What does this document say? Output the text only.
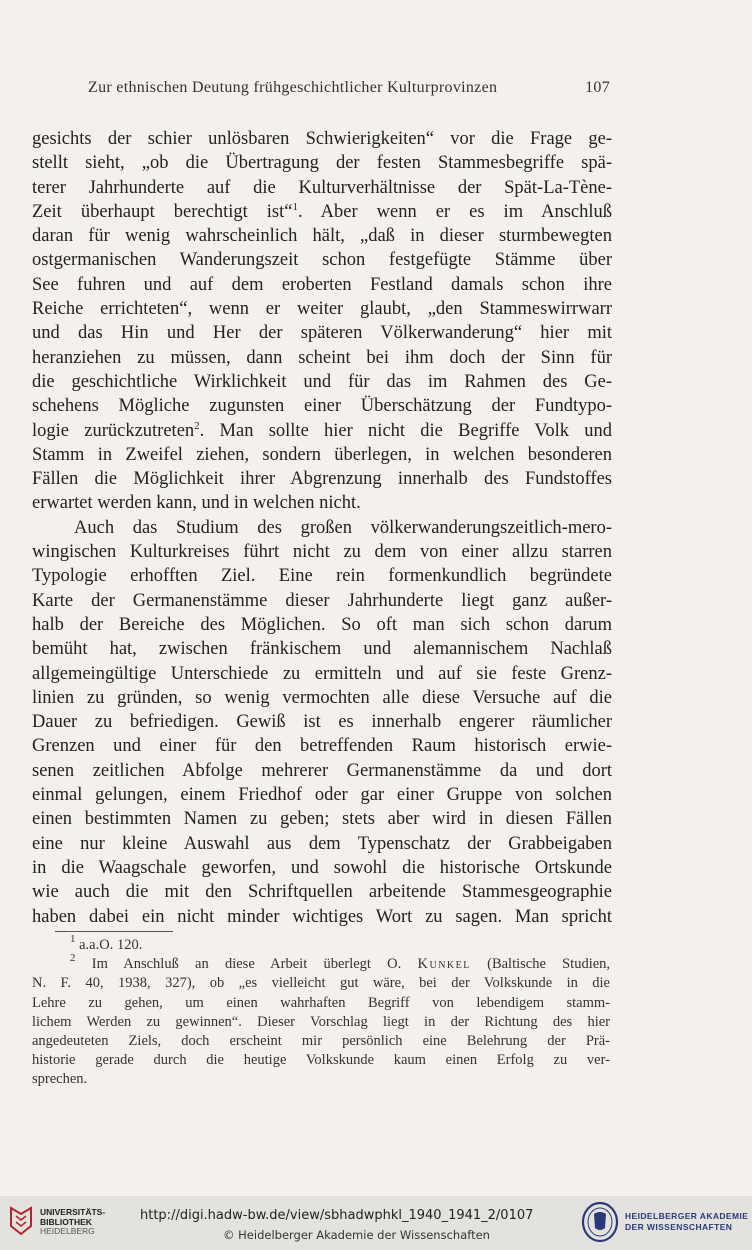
Zur ethnischen Deutung frühgeschichtlicher Kulturprovinzen	107
gesichts der schier unlösbaren Schwierigkeiten“ vor die Frage ge-
stellt sieht, „ob die Übertragung der festen Stammesbegriffe spä-
terer Jahrhunderte auf die Kulturverhältnisse der Spät-La-Tène-
Zeit überhaupt berechtigt ist“$^1$. Aber wenn er es im Anschluß
daran für wenig wahrscheinlich hält, „daß in dieser sturmbewegten
ostgermanischen Wanderungszeit schon festgefügte Stämme über
See fuhren und auf dem eroberten Festland damals schon ihre
Reiche errichteten“, wenn er weiter glaubt, „den Stammeswirrwarr
und das Hin und Her der späteren Völkerwanderung“ hier mit
heranziehen zu müssen, dann scheint bei ihm doch der Sinn für
die geschichtliche Wirklichkeit und für das im Rahmen des Ge-
schehens Mögliche zugunsten einer Überschätzung der Fundtypo-
logie zurückzutreten$^2$. Man sollte hier nicht die Begriffe Volk und
Stamm in Zweifel ziehen, sondern überlegen, in welchen besonderen
Fällen die Möglichkeit ihrer Abgrenzung innerhalb des Fundstoffes
erwartet werden kann, und in welchen nicht.
Auch das Studium des großen völkerwanderungszeitlich-mero-
wingischen Kulturkreises führt nicht zu dem von einer allzu starren
Typologie erhofften Ziel. Eine rein formenkundlich begründete
Karte der Germanenstämme dieser Jahrhunderte liegt ganz außer-
halb der Bereiche des Möglichen. So oft man sich schon darum
bemüht hat, zwischen fränkischem und alemannischem Nachlaß
allgemeingültige Unterschiede zu ermitteln und auf sie feste Grenz-
linien zu gründen, so wenig vermochten alle diese Versuche auf die
Dauer zu befriedigen. Gewiß ist es innerhalb engerer räumlicher
Grenzen und einer für den betreffenden Raum historisch erwie-
senen zeitlichen Abfolge mehrerer Germanenstämme da und dort
einmal gelungen, einem Friedhof oder gar einer Gruppe von solchen
einen bestimmten Namen zu geben; stets aber wird in diesen Fällen
eine nur kleine Auswahl aus dem Typenschatz der Grabbeigaben
in die Waagschale geworfen, und sowohl die historische Ortskunde
wie auch die mit den Schriftquellen arbeitende Stammesgeographie
haben dabei ein nicht minder wichtiges Wort zu sagen. Man spricht
$^1$ a.a.O. 120.
$^2$ Im Anschluß an diese Arbeit überlegt O. Kunkel (Baltische Studien,
N. F. 40, 1938, 327), ob „es vielleicht gut wäre, bei der Volkskunde in die
Lehre zu gehen, um einen wahrhaften Begriff von lebendigem stamm-
lichem Werden zu gewinnen“. Dieser Vorschlag liegt in der Richtung des hier
angedeuteten Ziels, doch erscheint mir persönlich eine Belehrung der Prä-
historie gerade durch die heutige Volkskunde kaum einen Erfolg zu ver-
sprechen.
UNIVERSITÄTS-
BIBLIOTHEK
HEIDELBERG
http://digi.hadw-bw.de/view/sbhadwphkl_1940_1941_2/0107
© Heidelberger Akademie der Wissenschaften
HEIDELBERGER AKADEMIE
DER WISSENSCHAFTEN
